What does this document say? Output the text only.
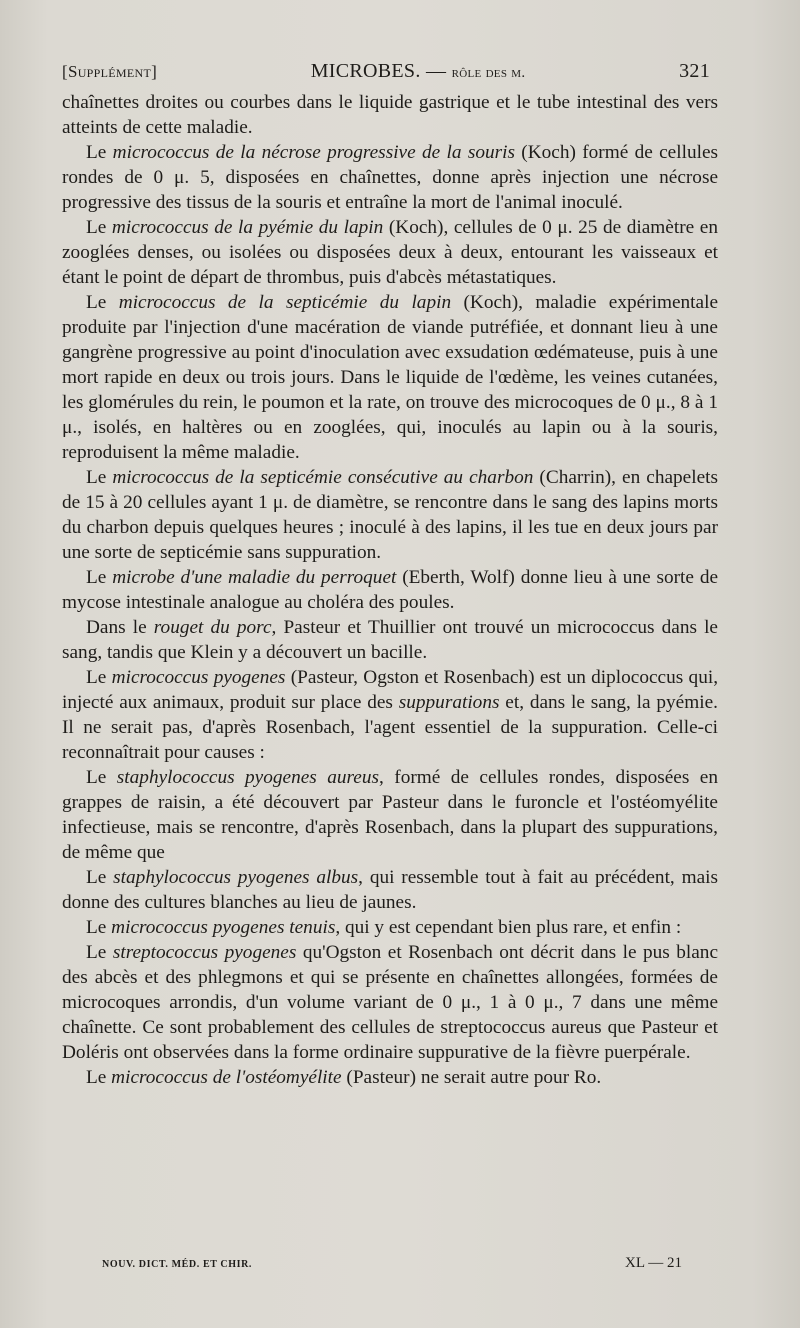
[Supplément]	MICROBES. — rôle des m.	321

chaînettes droites ou courbes dans le liquide gastrique et le tube intestinal des vers atteints de cette maladie.

Le micrococcus de la nécrose progressive de la souris (Koch) formé de cellules rondes de 0 μ. 5, disposées en chaînettes, donne après injection une nécrose progressive des tissus de la souris et entraîne la mort de l'animal inoculé.

Le micrococcus de la pyémie du lapin (Koch), cellules de 0 μ. 25 de diamètre en zooglées denses, ou isolées ou disposées deux à deux, entourant les vaisseaux et étant le point de départ de thrombus, puis d'abcès métastatiques.

Le micrococcus de la septicémie du lapin (Koch), maladie expérimentale produite par l'injection d'une macération de viande putréfiée, et donnant lieu à une gangrène progressive au point d'inoculation avec exsudation œdémateuse, puis à une mort rapide en deux ou trois jours. Dans le liquide de l'œdème, les veines cutanées, les glomérules du rein, le poumon et la rate, on trouve des microcoques de 0 μ., 8 à 1 μ., isolés, en haltères ou en zooglées, qui, inoculés au lapin ou à la souris, reproduisent la même maladie.

Le micrococcus de la septicémie consécutive au charbon (Charrin), en chapelets de 15 à 20 cellules ayant 1 μ. de diamètre, se rencontre dans le sang des lapins morts du charbon depuis quelques heures ; inoculé à des lapins, il les tue en deux jours par une sorte de septicémie sans suppuration.

Le microbe d'une maladie du perroquet (Eberth, Wolf) donne lieu à une sorte de mycose intestinale analogue au choléra des poules.

Dans le rouget du porc, Pasteur et Thuillier ont trouvé un micrococcus dans le sang, tandis que Klein y a découvert un bacille.

Le micrococcus pyogenes (Pasteur, Ogston et Rosenbach) est un diplococcus qui, injecté aux animaux, produit sur place des suppurations et, dans le sang, la pyémie. Il ne serait pas, d'après Rosenbach, l'agent essentiel de la suppuration. Celle-ci reconnaîtrait pour causes :

Le staphylococcus pyogenes aureus, formé de cellules rondes, disposées en grappes de raisin, a été découvert par Pasteur dans le furoncle et l'ostéomyélite infectieuse, mais se rencontre, d'après Rosenbach, dans la plupart des suppurations, de même que

Le staphylococcus pyogenes albus, qui ressemble tout à fait au précédent, mais donne des cultures blanches au lieu de jaunes.

Le micrococcus pyogenes tenuis, qui y est cependant bien plus rare, et enfin :

Le streptococcus pyogenes qu'Ogston et Rosenbach ont décrit dans le pus blanc des abcès et des phlegmons et qui se présente en chaînettes allongées, formées de microcoques arrondis, d'un volume variant de 0 μ., 1 à 0 μ., 7 dans une même chaînette. Ce sont probablement des cellules de streptococcus aureus que Pasteur et Doléris ont observées dans la forme ordinaire suppurative de la fièvre puerpérale.

Le micrococcus de l'ostéomyélite (Pasteur) ne serait autre pour Ro.

NOUV. DICT. MÉD. ET CHIR.	XL — 21
